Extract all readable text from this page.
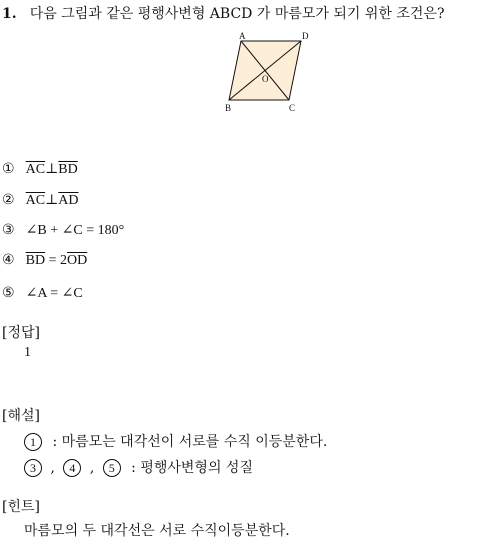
1. 다음 그림과 같은 평행사변형 ABCD 가 마름모가 되기 위한 조건은?
A	D
B	C
O
① $\overline{AC}\perp\overline{BD}$
② $\overline{AC}\perp\overline{AD}$
③ ∠B + ∠C = 180°
④ $\overline{BD} = 2\overline{OD}$
⑤ ∠A = ∠C
[정답]
1
[해설]
1 : 마름모는 대각선이 서로를 수직 이등분한다.
3 , 4 , 5 : 평행사변형의 성질
[힌트]
마름모의 두 대각선은 서로 수직이등분한다.
